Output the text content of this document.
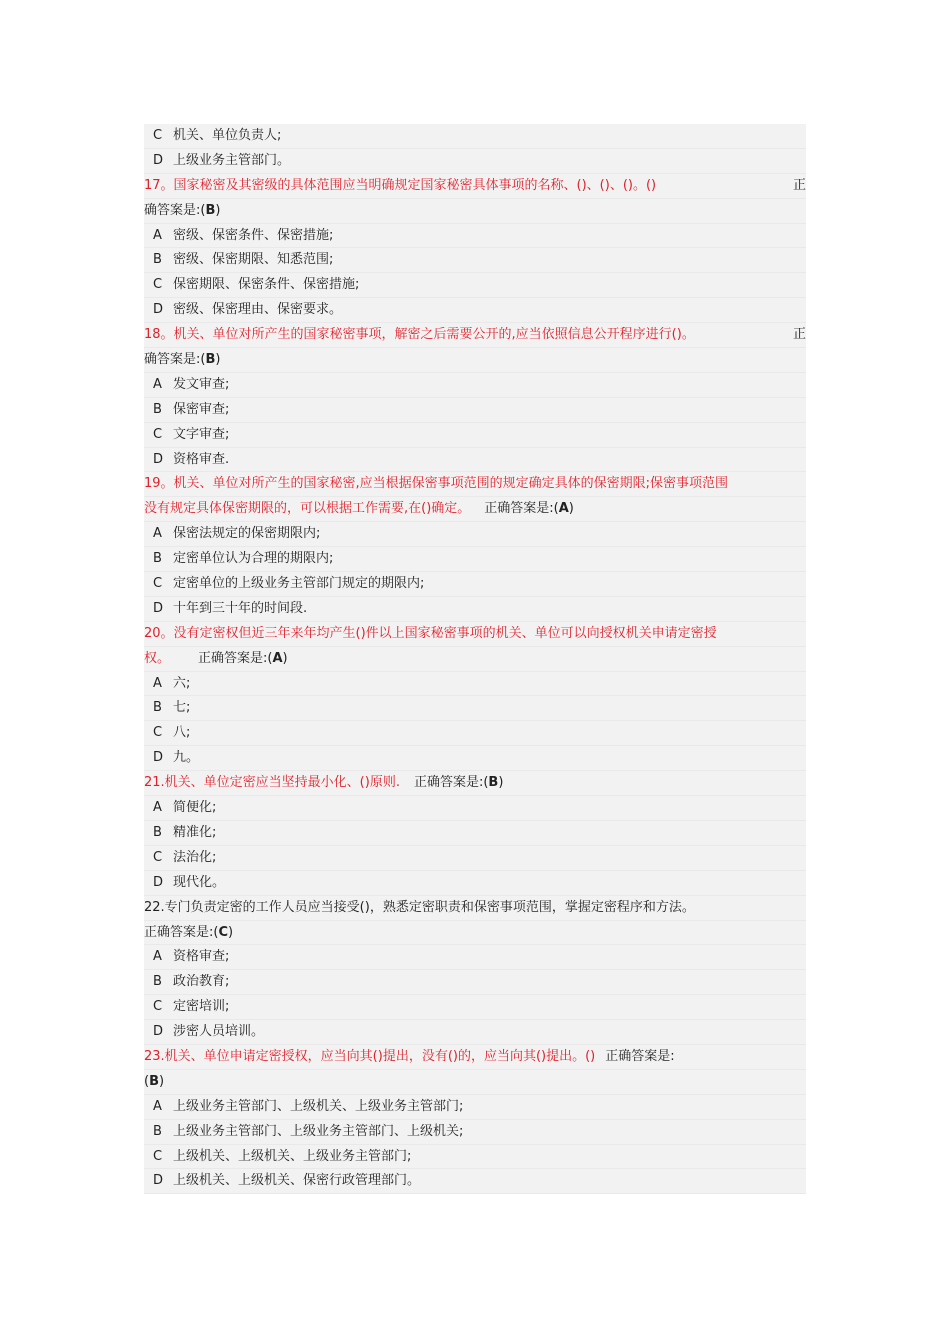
C 机关、单位负责人;
D 上级业务主管部门。
17。国家秘密及其密级的具体范围应当明确规定国家秘密具体事项的名称、()、()、()。()	正
确答案是:(B)
A 密级、保密条件、保密措施;
B 密级、保密期限、知悉范围;
C 保密期限、保密条件、保密措施;
D 密级、保密理由、保密要求。
18。机关、单位对所产生的国家秘密事项，解密之后需要公开的,应当依照信息公开程序进行()。	正
确答案是:(B)
A 发文审查;
B 保密审查;
C 文字审查;
D 资格审查.
19。机关、单位对所产生的国家秘密,应当根据保密事项范围的规定确定具体的保密期限;保密事项范围
没有规定具体保密期限的，可以根据工作需要,在()确定。 正确答案是:(A)
A 保密法规定的保密期限内;
B 定密单位认为合理的期限内;
C 定密单位的上级业务主管部门规定的期限内;
D 十年到三十年的时间段.
20。没有定密权但近三年来年均产生()件以上国家秘密事项的机关、单位可以向授权机关申请定密授
权。 正确答案是:(A)
A 六;
B 七;
C 八;
D 九。
21.机关、单位定密应当坚持最小化、()原则. 正确答案是:(B)
A 简便化;
B 精准化;
C 法治化;
D 现代化。
22.专门负责定密的工作人员应当接受()，熟悉定密职责和保密事项范围，掌握定密程序和方法。
正确答案是:(C)
A 资格审查;
B 政治教育;
C 定密培训;
D 涉密人员培训。
23.机关、单位申请定密授权，应当向其()提出，没有()的，应当向其()提出。() 正确答案是:
(B)
A 上级业务主管部门、上级机关、上级业务主管部门;
B 上级业务主管部门、上级业务主管部门、上级机关;
C 上级机关、上级机关、上级业务主管部门;
D 上级机关、上级机关、保密行政管理部门。
